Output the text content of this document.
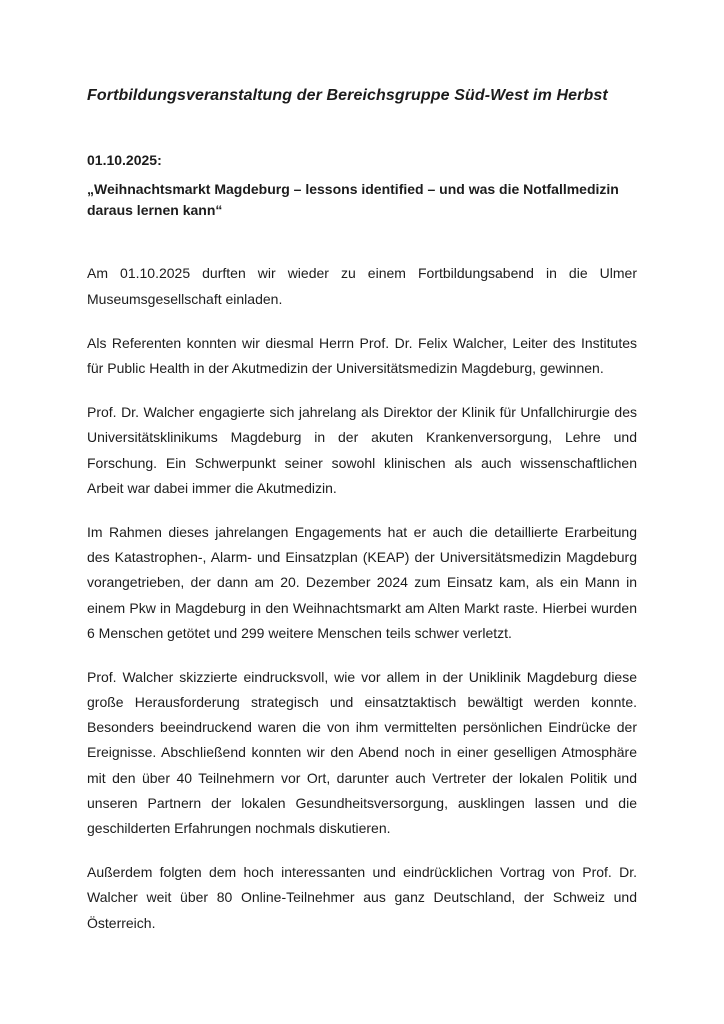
Fortbildungsveranstaltung der Bereichsgruppe Süd-West im Herbst

01.10.2025:

„Weihnachtsmarkt Magdeburg – lessons identified – und was die Notfallmedizin daraus lernen kann“

Am 01.10.2025 durften wir wieder zu einem Fortbildungsabend in die Ulmer Museumsgesellschaft einladen.

Als Referenten konnten wir diesmal Herrn Prof. Dr. Felix Walcher, Leiter des Institutes für Public Health in der Akutmedizin der Universitätsmedizin Magdeburg, gewinnen.

Prof. Dr. Walcher engagierte sich jahrelang als Direktor der Klinik für Unfallchirurgie des Universitätsklinikums Magdeburg in der akuten Krankenversorgung, Lehre und Forschung. Ein Schwerpunkt seiner sowohl klinischen als auch wissenschaftlichen Arbeit war dabei immer die Akutmedizin.

Im Rahmen dieses jahrelangen Engagements hat er auch die detaillierte Erarbeitung des Katastrophen-, Alarm- und Einsatzplan (KEAP) der Universitätsmedizin Magdeburg vorangetrieben, der dann am 20. Dezember 2024 zum Einsatz kam, als ein Mann in einem Pkw in Magdeburg in den Weihnachtsmarkt am Alten Markt raste. Hierbei wurden 6 Menschen getötet und 299 weitere Menschen teils schwer verletzt.

Prof. Walcher skizzierte eindrucksvoll, wie vor allem in der Uniklinik Magdeburg diese große Herausforderung strategisch und einsatztaktisch bewältigt werden konnte. Besonders beeindruckend waren die von ihm vermittelten persönlichen Eindrücke der Ereignisse. Abschließend konnten wir den Abend noch in einer geselligen Atmosphäre mit den über 40 Teilnehmern vor Ort, darunter auch Vertreter der lokalen Politik und unseren Partnern der lokalen Gesundheitsversorgung, ausklingen lassen und die geschilderten Erfahrungen nochmals diskutieren.

Außerdem folgten dem hoch interessanten und eindrücklichen Vortrag von Prof. Dr. Walcher weit über 80 Online-Teilnehmer aus ganz Deutschland, der Schweiz und Österreich.
